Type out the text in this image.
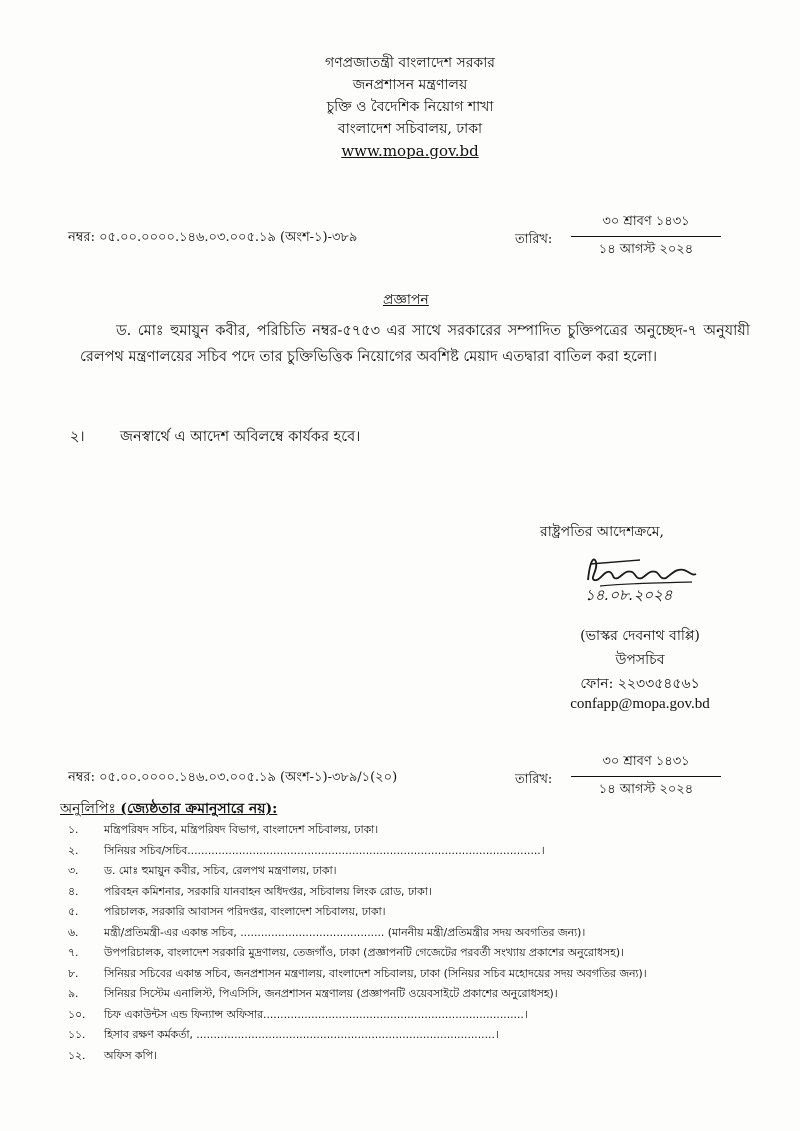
গণপ্রজাতন্ত্রী বাংলাদেশ সরকার
জনপ্রশাসন মন্ত্রণালয়
চুক্তি ও বৈদেশিক নিয়োগ শাখা
বাংলাদেশ সচিবালয়, ঢাকা
www.mopa.gov.bd
নম্বর: ০৫.০০.০০০০.১৪৬.০৩.০০৫.১৯ (অংশ-১)-৩৮৯	তারিখ:
৩০ শ্রাবণ ১৪৩১
১৪ আগস্ট ২০২৪
প্রজ্ঞাপন
ড. মোঃ হুমায়ুন কবীর, পরিচিতি নম্বর-৫৭৫৩ এর সাথে সরকারের সম্পাদিত চুক্তিপত্রের অনুচ্ছেদ-৭ অনুযায়ী রেলপথ মন্ত্রণালয়ের সচিব পদে তার চুক্তিভিত্তিক নিয়োগের অবশিষ্ট মেয়াদ এতদ্বারা বাতিল করা হলো।
২। জনস্বার্থে এ আদেশ অবিলম্বে কার্যকর হবে।
রাষ্ট্রপতির আদেশক্রমে,
১৪.০৮.২০২৪
(ভাস্কর দেবনাথ বাপ্পি)
উপসচিব
ফোন: ২২৩৩৫৪৫৬১
confapp@mopa.gov.bd
নম্বর: ০৫.০০.০০০০.১৪৬.০৩.০০৫.১৯ (অংশ-১)-৩৮৯/১(২০)	তারিখ:
৩০ শ্রাবণ ১৪৩১
১৪ আগস্ট ২০২৪
অনুলিপিঃ (জ্যেষ্ঠতার ক্রমানুসারে নয়):
১.	মন্ত্রিপরিষদ সচিব, মন্ত্রিপরিষদ বিভাগ, বাংলাদেশ সচিবালয়, ঢাকা।
২.	সিনিয়র সচিব/সচিব.......................................................................................................।
৩.	ড. মোঃ হুমায়ুন কবীর, সচিব, রেলপথ মন্ত্রণালয়, ঢাকা।
৪.	পরিবহন কমিশনার, সরকারি যানবাহন অধিদপ্তর, সচিবালয় লিংক রোড, ঢাকা।
৫.	পরিচালক, সরকারি আবাসন পরিদপ্তর, বাংলাদেশ সচিবালয়, ঢাকা।
৬.	মন্ত্রী/প্রতিমন্ত্রী-এর একান্ত সচিব, .......................................... (মাননীয় মন্ত্রী/প্রতিমন্ত্রীর সদয় অবগতির জন্য)।
৭.	উপপরিচালক, বাংলাদেশ সরকারি মুদ্রণালয়, তেজগাঁও, ঢাকা (প্রজ্ঞাপনটি গেজেটের পরবর্তী সংখ্যায় প্রকাশের অনুরোধসহ)।
৮.	সিনিয়র সচিবের একান্ত সচিব, জনপ্রশাসন মন্ত্রণালয়, বাংলাদেশ সচিবালয়, ঢাকা (সিনিয়র সচিব মহোদয়ের সদয় অবগতির জন্য)।
৯.	সিনিয়র সিস্টেম এনালিস্ট, পিএসিসি, জনপ্রশাসন মন্ত্রণালয় (প্রজ্ঞাপনটি ওয়েবসাইটে প্রকাশের অনুরোধসহ)।
১০.	চিফ একাউন্টস এন্ড ফিন্যান্স অফিসার............................................................................।
১১.	হিসাব রক্ষণ কর্মকর্তা, .......................................................................................।
১২.	অফিস কপি।
